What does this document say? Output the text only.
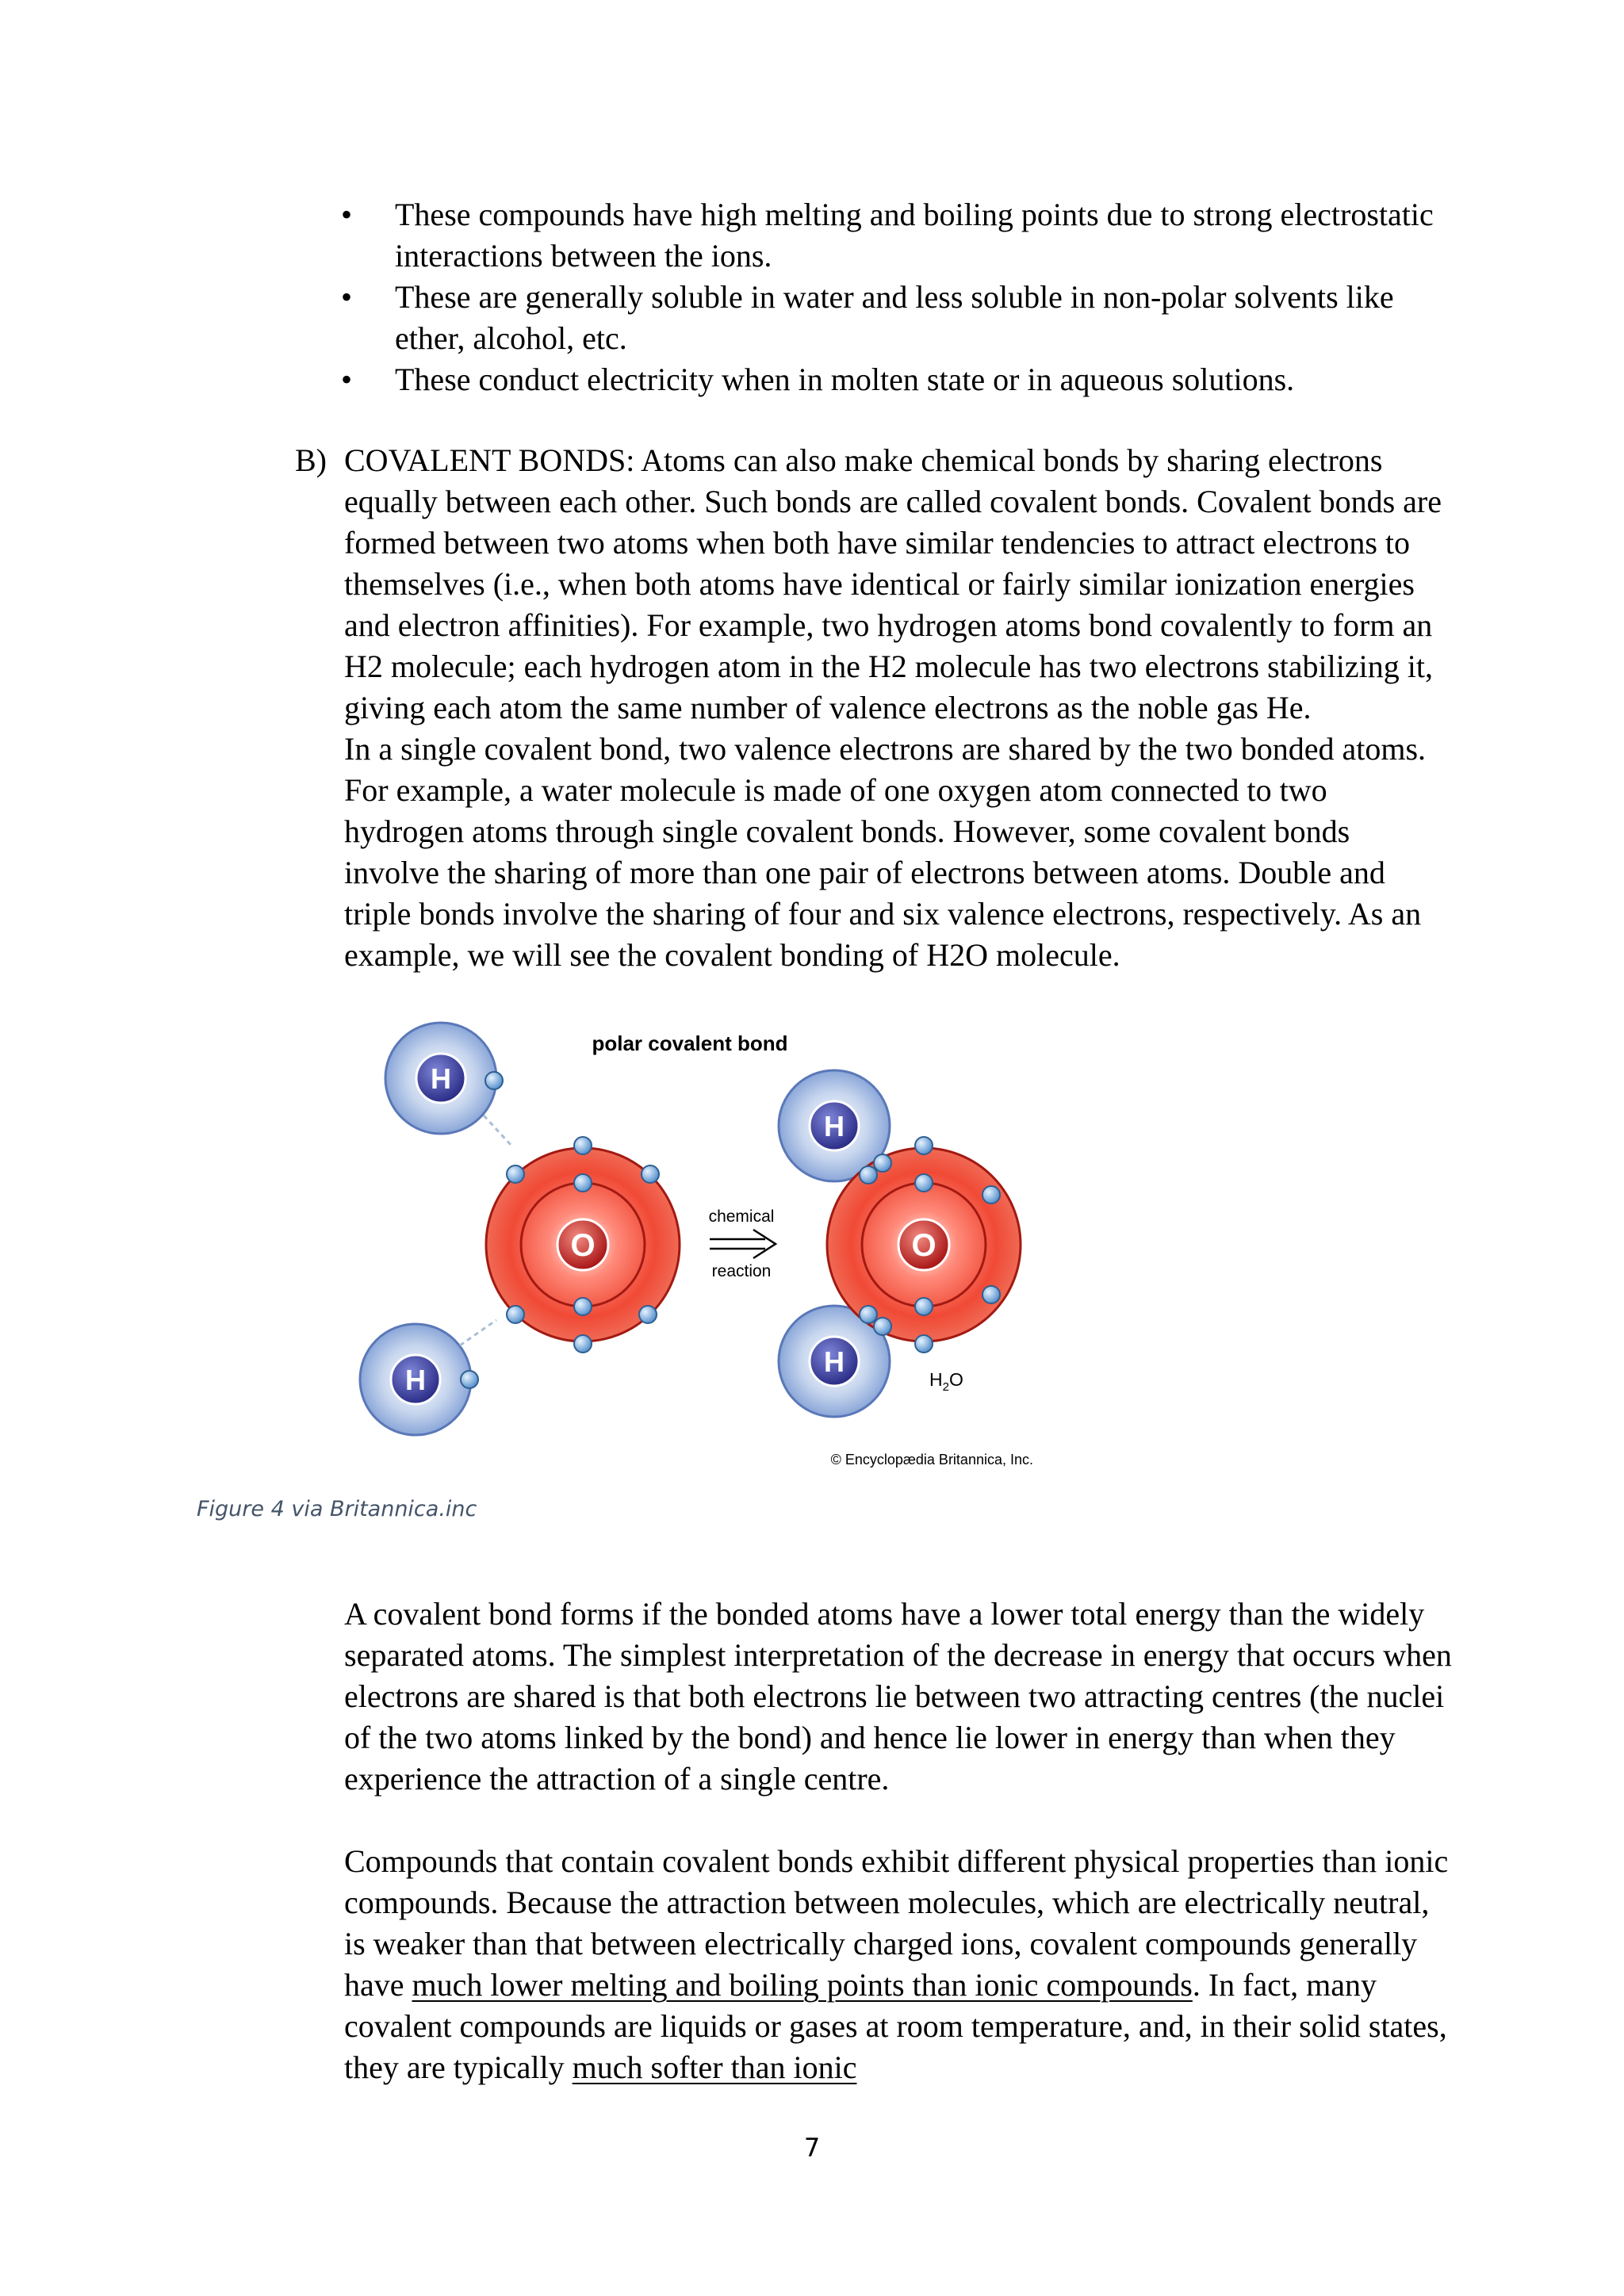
•	These compounds have high melting and boiling points due to strong electrostatic interactions between the ions.
•	These are generally soluble in water and less soluble in non-polar solvents like ether, alcohol, etc.
•	These conduct electricity when in molten state or in aqueous solutions.
B) COVALENT BONDS: Atoms can also make chemical bonds by sharing electrons equally between each other. Such bonds are called covalent bonds. Covalent bonds are formed between two atoms when both have similar tendencies to attract electrons to themselves (i.e., when both atoms have identical or fairly similar ionization energies and electron affinities). For example, two hydrogen atoms bond covalently to form an H2 molecule; each hydrogen atom in the H2 molecule has two electrons stabilizing it, giving each atom the same number of valence electrons as the noble gas He.

In a single covalent bond, two valence electrons are shared by the two bonded atoms. For example, a water molecule is made of one oxygen atom connected to two hydrogen atoms through single covalent bonds. However, some covalent bonds involve the sharing of more than one pair of electrons between atoms. Double and triple bonds involve the sharing of four and six valence electrons, respectively. As an example, we will see the covalent bonding of H2O molecule.

polar covalent bond
H
H
O
chemical
reaction
H
H
O
$H_2O$
© Encyclopædia Britannica, Inc.
Figure 4 via Britannica.inc

A covalent bond forms if the bonded atoms have a lower total energy than the widely separated atoms. The simplest interpretation of the decrease in energy that occurs when electrons are shared is that both electrons lie between two attracting centres (the nuclei of the two atoms linked by the bond) and hence lie lower in energy than when they experience the attraction of a single centre.

Compounds that contain covalent bonds exhibit different physical properties than ionic compounds. Because the attraction between molecules, which are electrically neutral, is weaker than that between electrically charged ions, covalent compounds generally have much lower melting and boiling points than ionic compounds. In fact, many covalent compounds are liquids or gases at room temperature, and, in their solid states, they are typically much softer than ionic

7
